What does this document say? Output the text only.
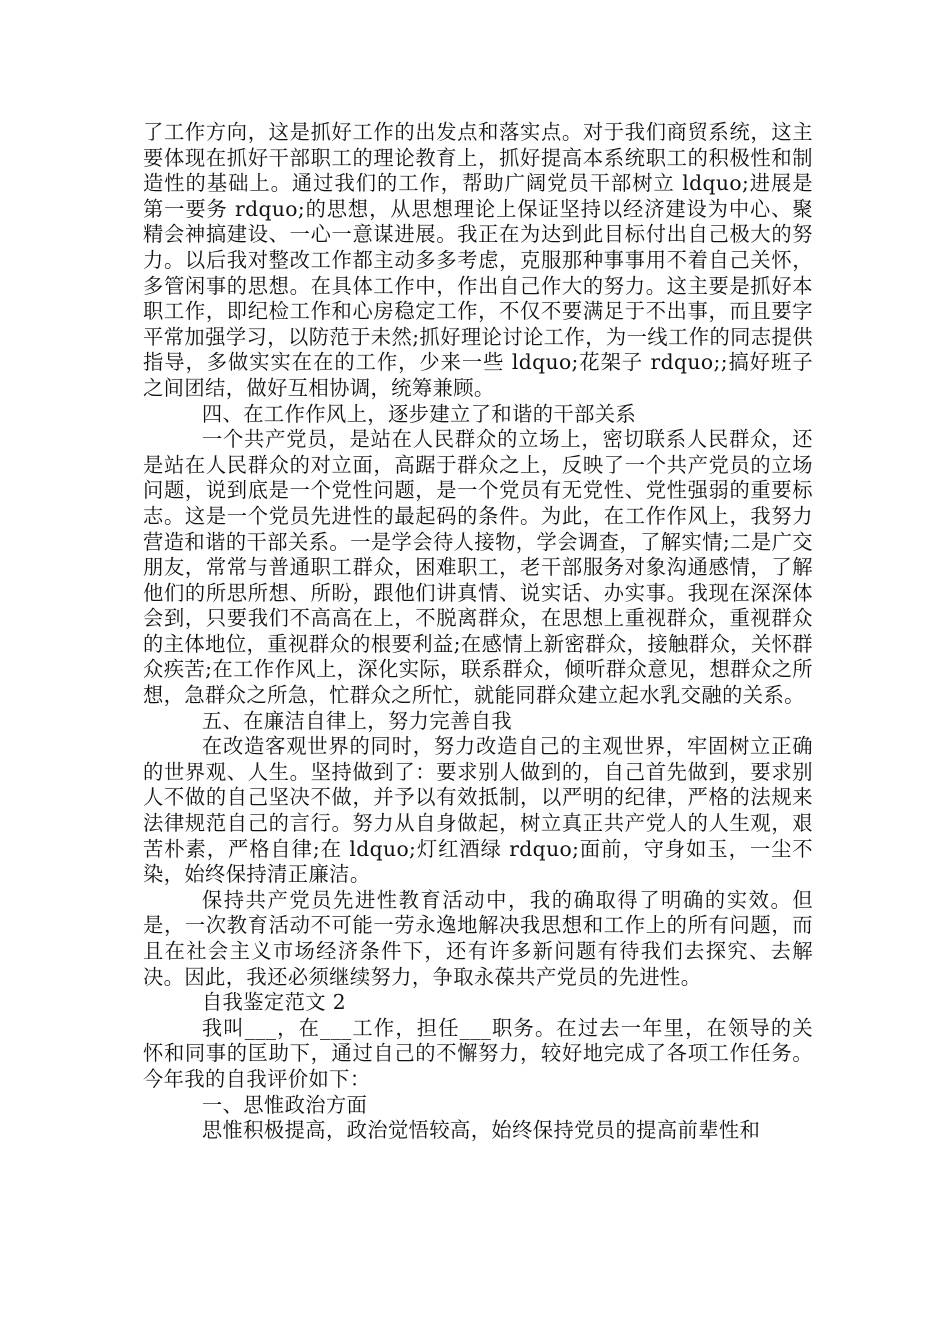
了工作方向，这是抓好工作的出发点和落实点。对于我们商贸系统，这主要体现在抓好干部职工的理论教育上，抓好提高本系统职工的积极性和制造性的基础上。通过我们的工作，帮助广阔党员干部树立 ldquo;进展是第一要务 rdquo;的思想，从思想理论上保证坚持以经济建设为中心、聚精会神搞建设、一心一意谋进展。我正在为达到此目标付出自己极大的努力。以后我对整改工作都主动多多考虑，克服那种事事用不着自己关怀，多管闲事的思想。在具体工作中，作出自己作大的努力。这主要是抓好本职工作，即纪检工作和心房稳定工作，不仅不要满足于不出事，而且要字平常加强学习，以防范于未然;抓好理论讨论工作，为一线工作的同志提供指导，多做实实在在的工作，少来一些 ldquo;花架子 rdquo;;搞好班子之间团结，做好互相协调，统筹兼顾。

四、在工作作风上，逐步建立了和谐的干部关系

一个共产党员，是站在人民群众的立场上，密切联系人民群众，还是站在人民群众的对立面，高踞于群众之上，反映了一个共产党员的立场问题，说到底是一个党性问题，是一个党员有无党性、党性强弱的重要标志。这是一个党员先进性的最起码的条件。为此，在工作作风上，我努力营造和谐的干部关系。一是学会待人接物，学会调查，了解实情;二是广交朋友，常常与普通职工群众，困难职工，老干部服务对象沟通感情，了解他们的所思所想、所盼，跟他们讲真情、说实话、办实事。我现在深深体会到，只要我们不高高在上，不脱离群众，在思想上重视群众，重视群众的主体地位，重视群众的根要利益;在感情上新密群众，接触群众，关怀群众疾苦;在工作作风上，深化实际，联系群众，倾听群众意见，想群众之所想，急群众之所急，忙群众之所忙，就能同群众建立起水乳交融的关系。

五、在廉洁自律上，努力完善自我

在改造客观世界的同时，努力改造自己的主观世界，牢固树立正确的世界观、人生。坚持做到了：要求别人做到的，自己首先做到，要求别人不做的自己坚决不做，并予以有效抵制，以严明的纪律，严格的法规来法律规范自己的言行。努力从自身做起，树立真正共产党人的人生观，艰苦朴素，严格自律;在 ldquo;灯红酒绿 rdquo;面前，守身如玉，一尘不染，始终保持清正廉洁。

保持共产党员先进性教育活动中，我的确取得了明确的实效。但是，一次教育活动不可能一劳永逸地解决我思想和工作上的所有问题，而且在社会主义市场经济条件下，还有许多新问题有待我们去探究、去解决。因此，我还必须继续努力，争取永葆共产党员的先进性。

自我鉴定范文 2

我叫___，在___工作，担任___职务。在过去一年里，在领导的关怀和同事的匡助下，通过自己的不懈努力，较好地完成了各项工作任务。今年我的自我评价如下：

一、思惟政治方面

思惟积极提高，政治觉悟较高，始终保持党员的提高前辈性和
